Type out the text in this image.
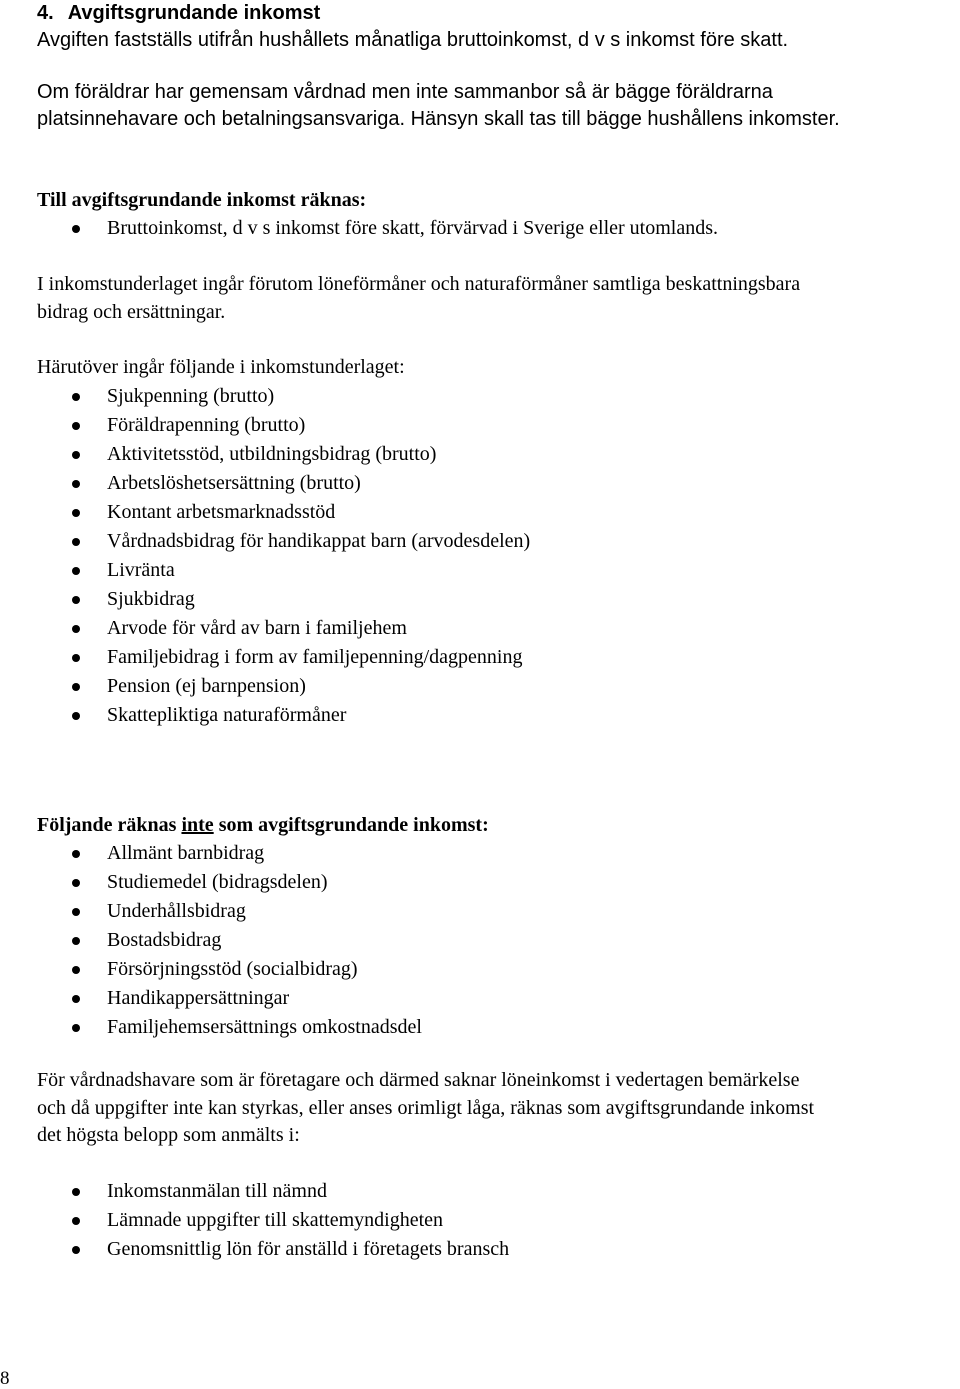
4. Avgiftsgrundande inkomst
Avgiften fastställs utifrån hushållets månatliga bruttoinkomst, d v s inkomst före skatt.
Om föräldrar har gemensam vårdnad men inte sammanbor så är bägge föräldrarna
platsinnehavare och betalningsansvariga. Hänsyn skall tas till bägge hushållens inkomster.
Till avgiftsgrundande inkomst räknas:
Bruttoinkomst, d v s inkomst före skatt, förvärvad i Sverige eller utomlands.

I inkomstunderlaget ingår förutom löneförmåner och naturaförmåner samtliga beskattningsbara

bidrag och ersättningar.

Härutöver ingår följande i inkomstunderlaget:
Sjukpenning (brutto)
Föräldrapenning (brutto)
Aktivitetsstöd, utbildningsbidrag (brutto)
Arbetslöshetsersättning (brutto)
Kontant arbetsmarknadsstöd
Vårdnadsbidrag för handikappat barn (arvodesdelen)
Livränta
Sjukbidrag
Arvode för vård av barn i familjehem
Familjebidrag i form av familjepenning/dagpenning
Pension (ej barnpension)
Skattepliktiga naturaförmåner
Följande räknas inte som avgiftsgrundande inkomst:
Allmänt barnbidrag
Studiemedel (bidragsdelen)
Underhållsbidrag
Bostadsbidrag
Försörjningsstöd (socialbidrag)
Handikappersättningar
Familjehemsersättnings omkostnadsdel

För vårdnadshavare som är företagare och därmed saknar löneinkomst i vedertagen bemärkelse

och då uppgifter inte kan styrkas, eller anses orimligt låga, räknas som avgiftsgrundande inkomst

det högsta belopp som anmälts i:

Inkomstanmälan till nämnd
Lämnade uppgifter till skattemyndigheten
Genomsnittlig lön för anställd i företagets bransch
8
